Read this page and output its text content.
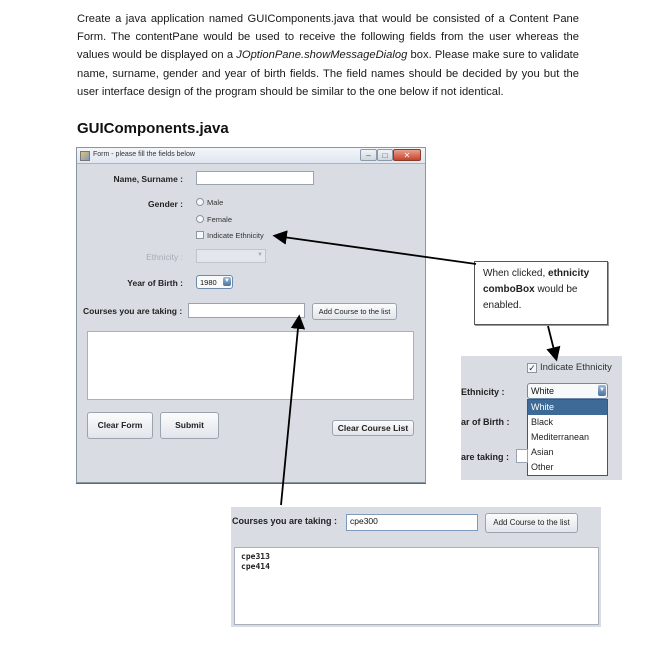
Create a java application named GUIComponents.java that would be consisted of a Content Pane Form. The contentPane would be used to receive the following fields from the user whereas the values would be displayed on a JOptionPane.showMessageDialog box. Please make sure to validate name, surname, gender and year of birth fields. The field names should be decided by you but the user interface design of the program should be similar to the one below if not identical.
GUIComponents.java
Form - please fill the fields below	–	□	✕
Name, Surname :
Gender :	Male
Female
Indicate Ethnicity
Ethnicity :	▼
Year of Birth :	1980 ▼
Courses you are taking :	Add Course to the list
Clear Form	Submit	Clear Course List
When clicked, ethnicity comboBox would be enabled.
✓ Indicate Ethnicity
Ethnicity :	White	▼
White
Black
Mediterranean
Asian
Other
ar of Birth :
are taking :
Courses you are taking :	cpe300	Add Course to the list
cpe313
cpe414
